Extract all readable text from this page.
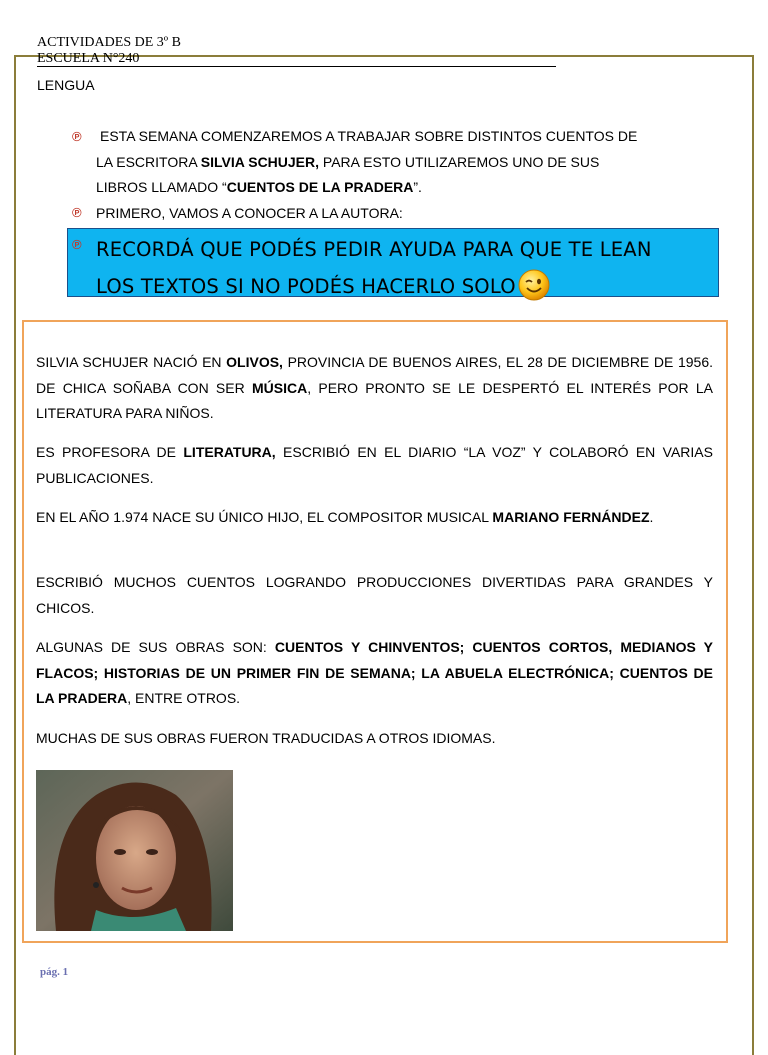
ACTIVIDADES DE 3º B
ESCUELA N°240
LENGUA
℗ ESTA SEMANA COMENZAREMOS A TRABAJAR SOBRE DISTINTOS CUENTOS DE
LA ESCRITORA SILVIA SCHUJER, PARA ESTO UTILIZAREMOS UNO DE SUS
LIBROS LLAMADO “CUENTOS DE LA PRADERA”.
℗ PRIMERO, VAMOS A CONOCER A LA AUTORA:
℗ RECORDÁ QUE PODÉS PEDIR AYUDA PARA QUE TE LEAN
LOS TEXTOS SI NO PODÉS HACERLO SOLO
SILVIA SCHUJER NACIÓ EN OLIVOS, PROVINCIA DE BUENOS AIRES, EL 28 DE DICIEMBRE DE 1956. DE CHICA SOÑABA CON SER MÚSICA, PERO PRONTO SE LE DESPERTÓ EL INTERÉS POR LA LITERATURA PARA NIÑOS.
ES PROFESORA DE LITERATURA, ESCRIBIÓ EN EL DIARIO “LA VOZ” Y COLABORÓ EN VARIAS PUBLICACIONES.
EN EL AÑO 1.974 NACE SU ÚNICO HIJO, EL COMPOSITOR MUSICAL MARIANO FERNÁNDEZ.
ESCRIBIÓ MUCHOS CUENTOS LOGRANDO PRODUCCIONES DIVERTIDAS PARA GRANDES Y CHICOS.
ALGUNAS DE SUS OBRAS SON: CUENTOS Y CHINVENTOS; CUENTOS CORTOS, MEDIANOS Y FLACOS; HISTORIAS DE UN PRIMER FIN DE SEMANA; LA ABUELA ELECTRÓNICA; CUENTOS DE LA PRADERA, ENTRE OTROS.
MUCHAS DE SUS OBRAS FUERON TRADUCIDAS A OTROS IDIOMAS.
pág. 1
